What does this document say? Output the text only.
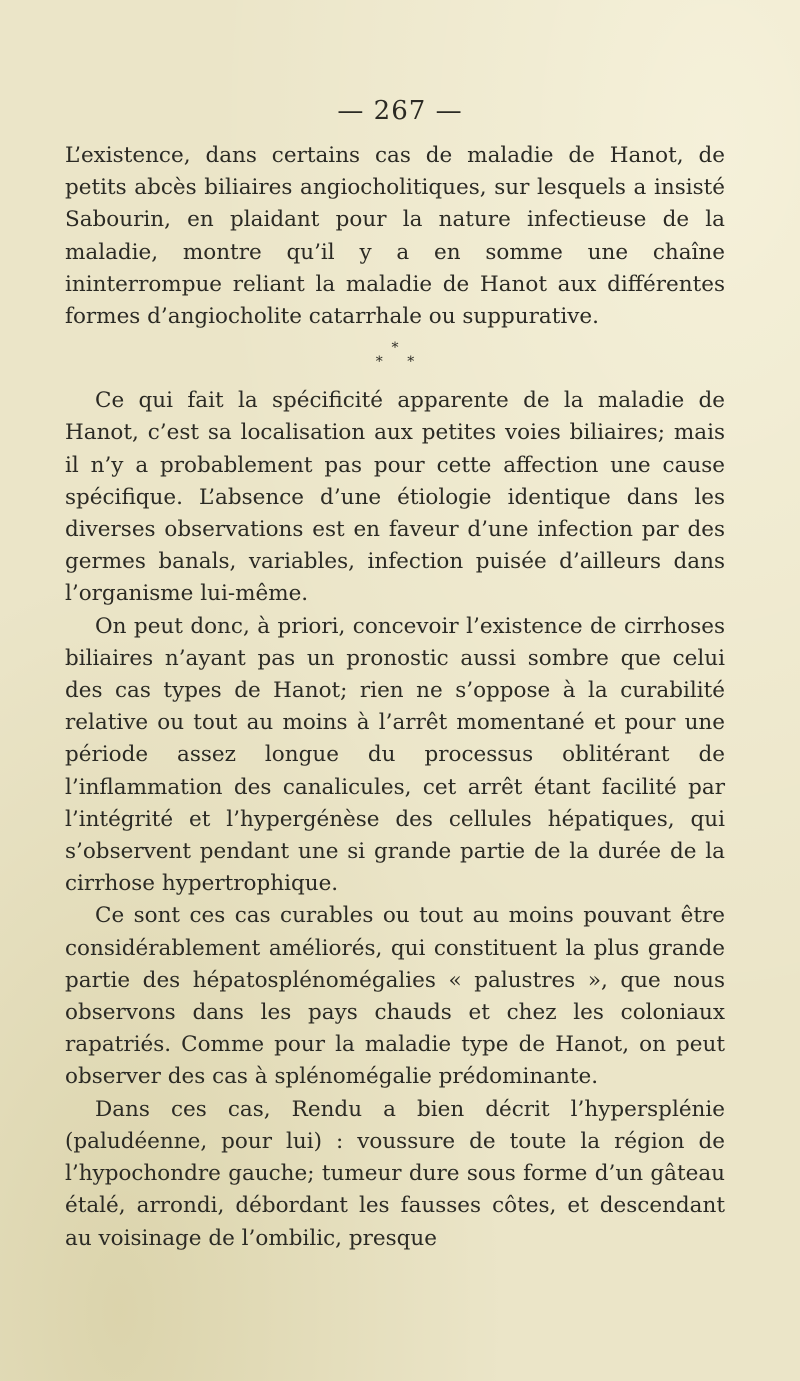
— 267 —

L’existence, dans certains cas de maladie de Hanot, de petits abcès biliaires angiocholitiques, sur lesquels a insisté Sabourin, en plaidant pour la nature infectieuse de la maladie, montre qu’il y a en somme une chaîne ininterrompue reliant la maladie de Hanot aux différentes formes d’angiocholite catarrhale ou suppurative.

*
* *

Ce qui fait la spécificité apparente de la maladie de Hanot, c’est sa localisation aux petites voies biliaires; mais il n’y a probablement pas pour cette affection une cause spécifique. L’absence d’une étiologie identique dans les diverses observations est en faveur d’une infection par des germes banals, variables, infection puisée d’ailleurs dans l’organisme lui-même.

On peut donc, à priori, concevoir l’existence de cirrhoses biliaires n’ayant pas un pronostic aussi sombre que celui des cas types de Hanot; rien ne s’oppose à la curabilité relative ou tout au moins à l’arrêt momentané et pour une période assez longue du processus oblitérant de l’inflammation des canalicules, cet arrêt étant facilité par l’intégrité et l’hypergénèse des cellules hépatiques, qui s’observent pendant une si grande partie de la durée de la cirrhose hypertrophique.

Ce sont ces cas curables ou tout au moins pouvant être considérablement améliorés, qui constituent la plus grande partie des hépatosplénomégalies « palustres », que nous observons dans les pays chauds et chez les coloniaux rapatriés. Comme pour la maladie type de Hanot, on peut observer des cas à splénomégalie prédominante.

Dans ces cas, Rendu a bien décrit l’hypersplénie (paludéenne, pour lui) : voussure de toute la région de l’hypochondre gauche; tumeur dure sous forme d’un gâteau étalé, arrondi, débordant les fausses côtes, et descendant au voisinage de l’ombilic, presque
